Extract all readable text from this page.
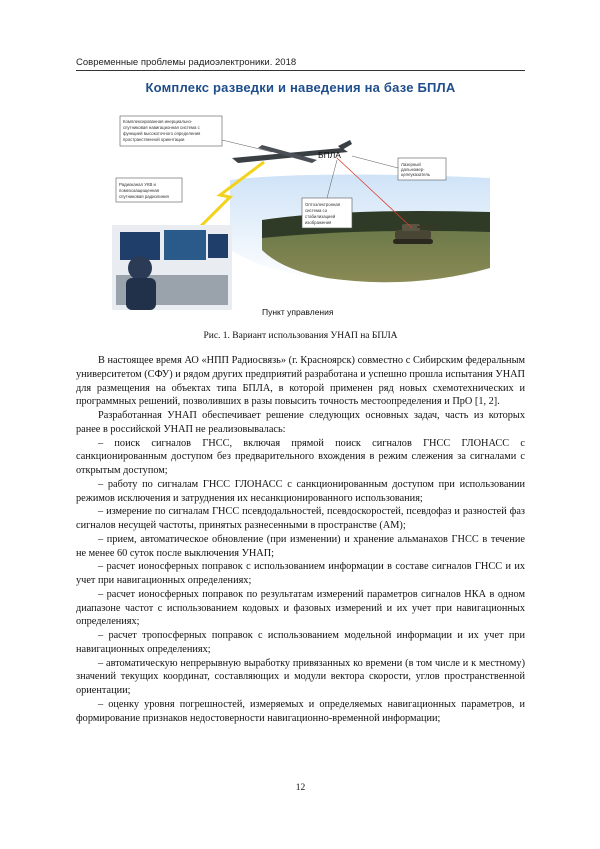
Современные проблемы радиоэлектроники. 2018
Комплекс разведки и наведения на базе БПЛА
Комплексированная инерциально-
спутниковая навигационная система с
функцией высокоточного определения
пространственной ориентации
Радиоканал УКВ и
помехозащищенная
спутниковая радиолиния
Лазерный
дальномер-
целеуказатель
Оптоэлектронная
система со
стабилизацией
изображения
БПЛА
Пункт управления
Рис. 1. Вариант использования УНАП на БПЛА

В настоящее время АО «НПП Радиосвязь» (г. Красноярск) совместно с Сибирским федеральным университетом (СФУ) и рядом других предприятий разработана и успешно прошла испытания УНАП для размещения на объектах типа БПЛА, в которой применен ряд новых схемотехнических и программных решений, позволивших в разы повысить точность местоопределения и ПрО [1, 2].

Разработанная УНАП обеспечивает решение следующих основных задач, часть из которых ранее в российской УНАП не реализовывалась:

– поиск сигналов ГНСС, включая прямой поиск сигналов ГНСС ГЛОНАСС с санкционированным доступом без предварительного вхождения в режим слежения за сигналами с открытым доступом;

– работу по сигналам ГНСС ГЛОНАСС с санкционированным доступом при использовании режимов исключения и затруднения их несанкционированного использования;

– измерение по сигналам ГНСС псевдодальностей, псевдоскоростей, псевдофаз и разностей фаз сигналов несущей частоты, принятых разнесенными в пространстве (АМ);

– прием, автоматическое обновление (при изменении) и хранение альманахов ГНСС в течение не менее 60 суток после выключения УНАП;

– расчет ионосферных поправок с использованием информации в составе сигналов ГНСС и их учет при навигационных определениях;

– расчет ионосферных поправок по результатам измерений параметров сигналов НКА в одном диапазоне частот с использованием кодовых и фазовых измерений и их учет при навигационных определениях;

– расчет тропосферных поправок с использованием модельной информации и их учет при навигационных определениях;

– автоматическую непрерывную выработку привязанных ко времени (в том числе и к местному) значений текущих координат, составляющих и модули вектора скорости, углов пространственной ориентации;

– оценку уровня погрешностей, измеряемых и определяемых навигационных параметров, и формирование признаков недостоверности навигационно-временной информации;

12
